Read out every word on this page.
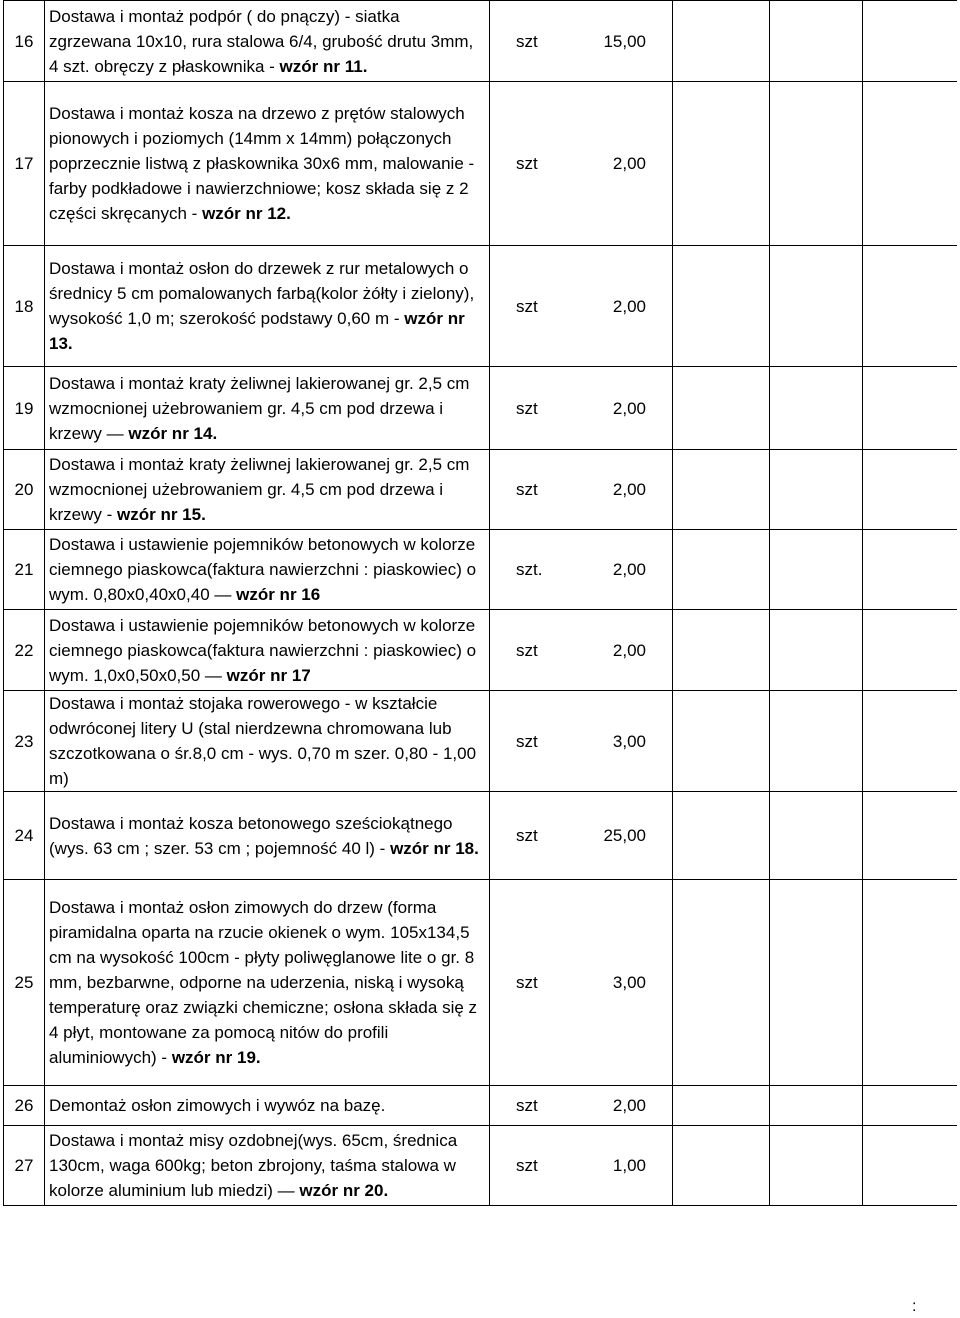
16	Dostawa i montaż podpór ( do pnączy) - siatka zgrzewana 10x10, rura stalowa 6/4, grubość drutu 3mm, 4 szt. obręczy z płaskownika - wzór nr 11.	szt 15,00			
17	Dostawa i montaż kosza na drzewo z prętów stalowych pionowych i poziomych (14mm x 14mm) połączonych poprzecznie listwą z płaskownika 30x6 mm, malowanie - farby podkładowe i nawierzchniowe; kosz składa się z 2 części skręcanych - wzór nr 12.	szt 2,00			
18	Dostawa i montaż osłon do drzewek z rur metalowych o średnicy 5 cm pomalowanych farbą(kolor żółty i zielony), wysokość 1,0 m; szerokość podstawy 0,60 m - wzór nr 13.	szt 2,00			
19	Dostawa i montaż kraty żeliwnej lakierowanej gr. 2,5 cm wzmocnionej użebrowaniem gr. 4,5 cm pod drzewa i krzewy — wzór nr 14.	szt 2,00			
20	Dostawa i montaż kraty żeliwnej lakierowanej gr. 2,5 cm wzmocnionej użebrowaniem gr. 4,5 cm pod drzewa i krzewy - wzór nr 15.	szt 2,00			
21	Dostawa i ustawienie pojemników betonowych w kolorze ciemnego piaskowca(faktura nawierzchni : piaskowiec) o wym. 0,80x0,40x0,40 — wzór nr 16	szt. 2,00			
22	Dostawa i ustawienie pojemników betonowych w kolorze ciemnego piaskowca(faktura nawierzchni : piaskowiec) o wym. 1,0x0,50x0,50 — wzór nr 17	szt 2,00			
23	Dostawa i montaż stojaka rowerowego - w kształcie odwróconej litery U (stal nierdzewna chromowana lub szczotkowana o śr.8,0 cm - wys. 0,70 m szer. 0,80 - 1,00 m)	szt 3,00			
24	Dostawa i montaż kosza betonowego sześciokątnego (wys. 63 cm ; szer. 53 cm ; pojemność 40 l) - wzór nr 18.	szt 25,00			
25	Dostawa i montaż osłon zimowych do drzew (forma piramidalna oparta na rzucie okienek o wym. 105x134,5 cm na wysokość 100cm - płyty poliwęglanowe lite o gr. 8 mm, bezbarwne, odporne na uderzenia, niską i wysoką temperaturę oraz związki chemiczne; osłona składa się z 4 płyt, montowane za pomocą nitów do profili aluminiowych) - wzór nr 19.	szt 3,00			
26	Demontaż osłon zimowych i wywóz na bazę.	szt 2,00			
27	Dostawa i montaż misy ozdobnej(wys. 65cm, średnica 130cm, waga 600kg; beton zbrojony, taśma stalowa w kolorze aluminium lub miedzi) — wzór nr 20.	szt 1,00			
:
